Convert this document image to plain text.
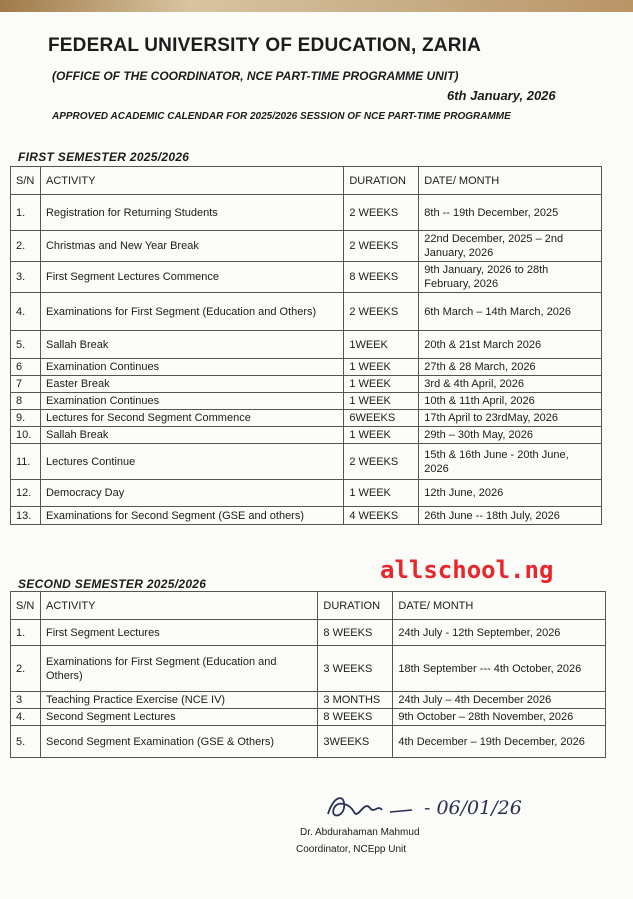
FEDERAL UNIVERSITY OF EDUCATION, ZARIA
(OFFICE OF THE COORDINATOR, NCE PART-TIME PROGRAMME UNIT)
6th January, 2026
APPROVED ACADEMIC CALENDAR FOR 2025/2026 SESSION OF NCE PART-TIME PROGRAMME
FIRST SEMESTER 2025/2026
S/N	ACTIVITY	DURATION	DATE/ MONTH
1.	Registration for Returning Students	2 WEEKS	8th -- 19th December, 2025
2.	Christmas and New Year Break	2 WEEKS	22nd December, 2025 – 2nd January, 2026
3.	First Segment Lectures Commence	8 WEEKS	9th January, 2026 to 28th February, 2026
4.	Examinations for First Segment (Education and Others)	2 WEEKS	6th March – 14th March, 2026
5.	Sallah Break	1WEEK	20th & 21st March 2026
6	Examination Continues	1 WEEK	27th & 28 March, 2026
7	Easter Break	1 WEEK	3rd & 4th April, 2026
8	Examination Continues	1 WEEK	10th & 11th April, 2026
9.	Lectures for Second Segment Commence	6WEEKS	17th April to 23rdMay, 2026
10.	Sallah Break	1 WEEK	29th – 30th May, 2026
11.	Lectures Continue	2 WEEKS	15th & 16th June - 20th June, 2026
12.	Democracy Day	1 WEEK	12th June, 2026
13.	Examinations for Second Segment (GSE and others)	4 WEEKS	26th June -- 18th July, 2026
allschool.ng
SECOND SEMESTER 2025/2026
S/N	ACTIVITY	DURATION	DATE/ MONTH
1.	First Segment Lectures	8 WEEKS	24th July - 12th September, 2026
2.	Examinations for First Segment (Education and Others)	3 WEEKS	18th September --- 4th October, 2026
3	Teaching Practice Exercise (NCE IV)	3 MONTHS	24th July – 4th December 2026
4.	Second Segment Lectures	8 WEEKS	9th October – 28th November, 2026
5.	Second Segment Examination (GSE & Others)	3WEEKS	4th December – 19th December, 2026
- 06/01/26
Dr. Abdurahaman Mahmud
Coordinator, NCEpp Unit
